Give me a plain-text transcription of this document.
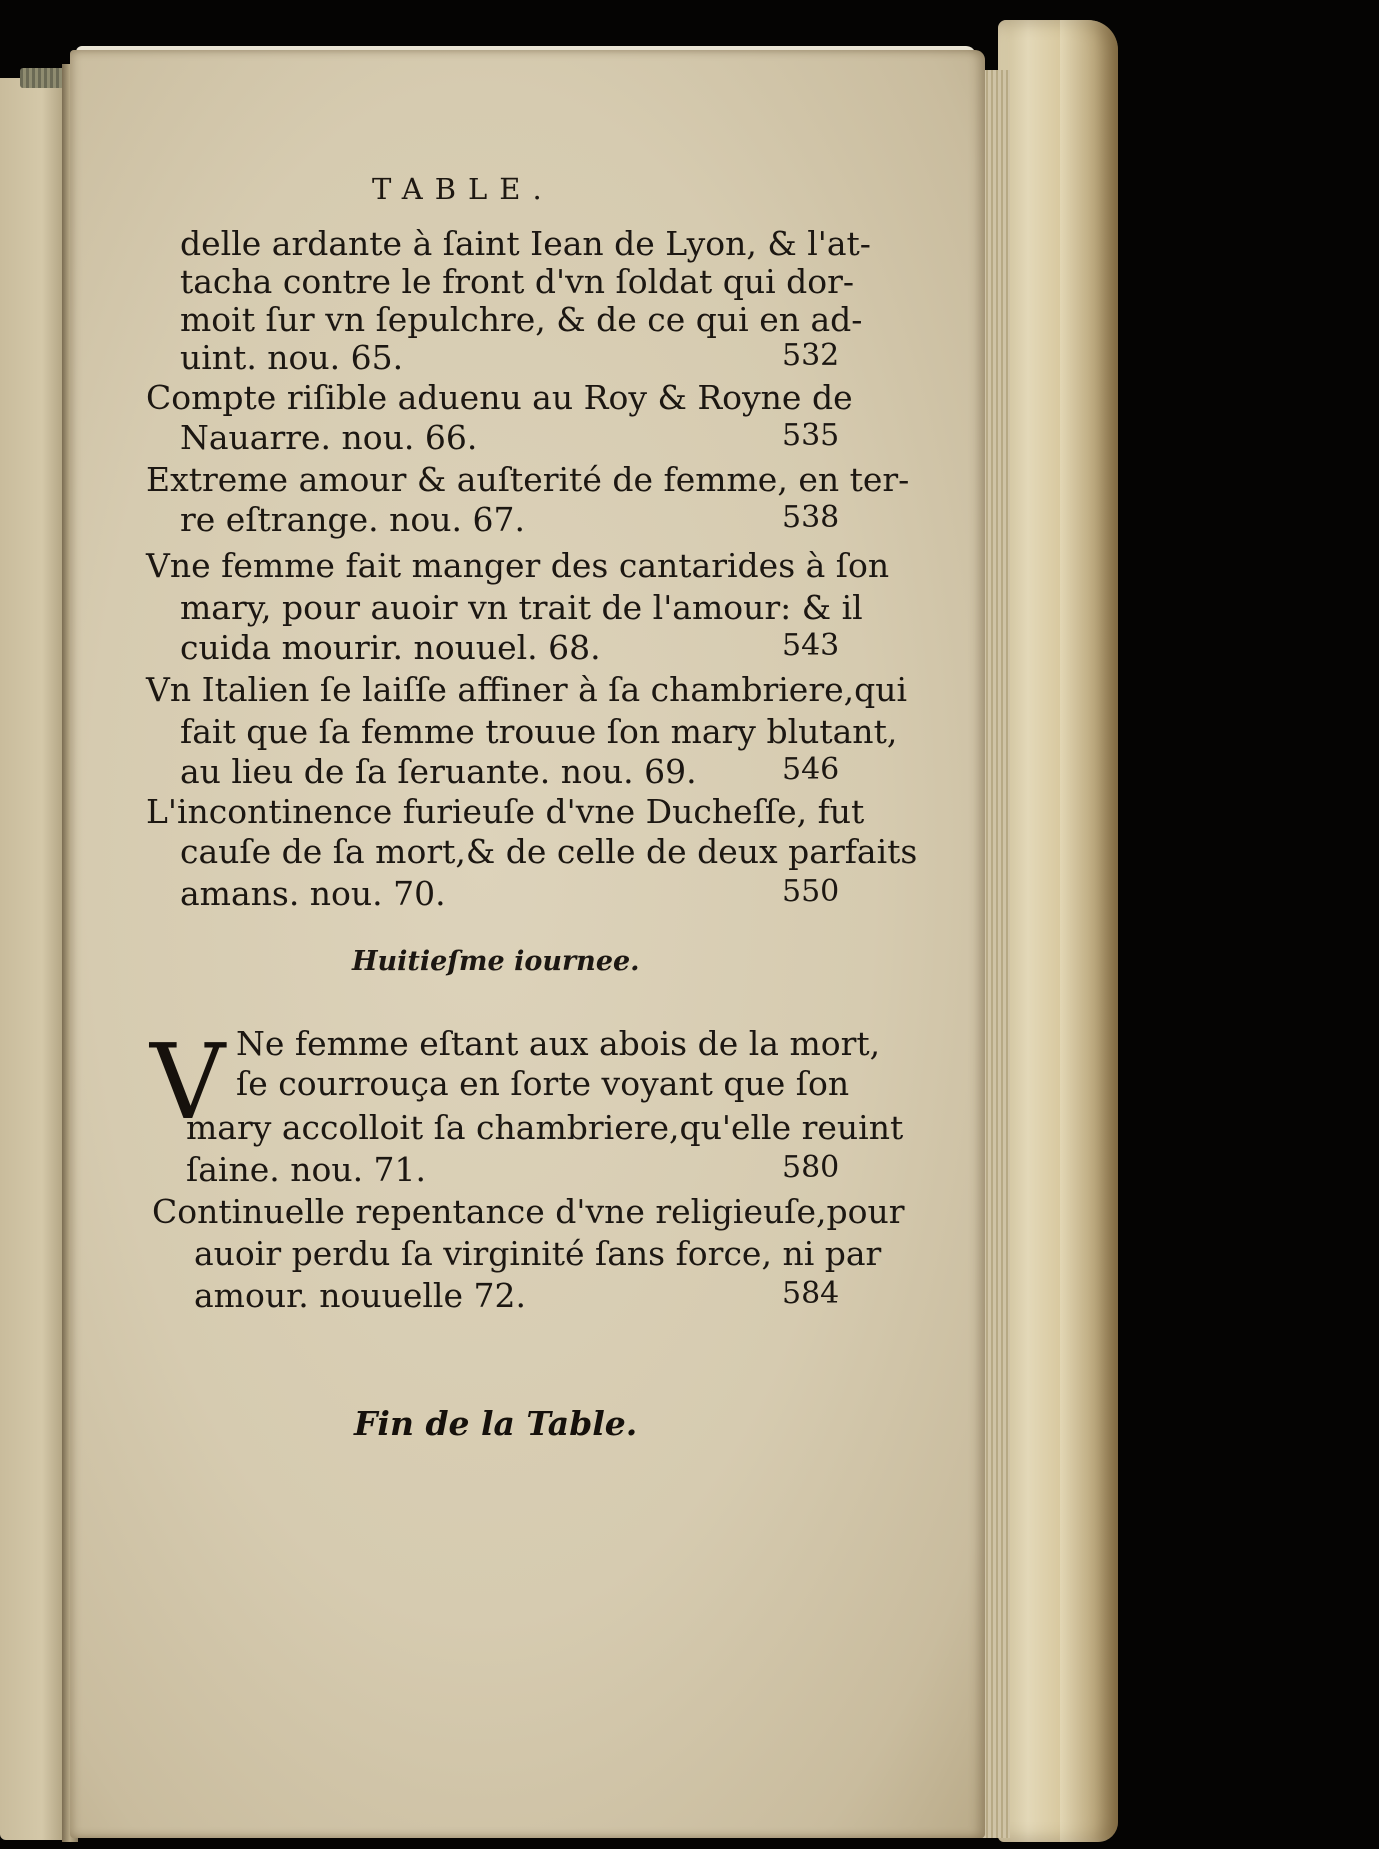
TABLE.
delle ardante à ſaint Iean de Lyon, & l'at-
tacha contre le front d'vn ſoldat qui dor-
moit ſur vn ſepulchre, & de ce qui en ad-
uint. nou. 65.	532
Compte riſible aduenu au Roy & Royne de
Nauarre. nou. 66.	535
Extreme amour & auſterité de femme, en ter-
re eſtrange. nou. 67.	538
Vne femme fait manger des cantarides à ſon
mary, pour auoir vn trait de l'amour: & il
cuida mourir. nouuel. 68.	543
Vn Italien ſe laiſſe affiner à ſa chambriere,qui
fait que ſa femme trouue ſon mary blutant,
au lieu de ſa ſeruante. nou. 69.	546
L'incontinence furieuſe d'vne Ducheſſe, fut
cauſe de ſa mort,& de celle de deux parfaits
amans. nou. 70.	550
Huitieſme iournee.
V Ne femme eſtant aux abois de la mort,
ſe courrouça en ſorte voyant que ſon
mary accolloit ſa chambriere,qu'elle reuint
ſaine. nou. 71.	580
Continuelle repentance d'vne religieuſe,pour
auoir perdu ſa virginité ſans force, ni par
amour. nouuelle 72.	584
Fin de la Table.
